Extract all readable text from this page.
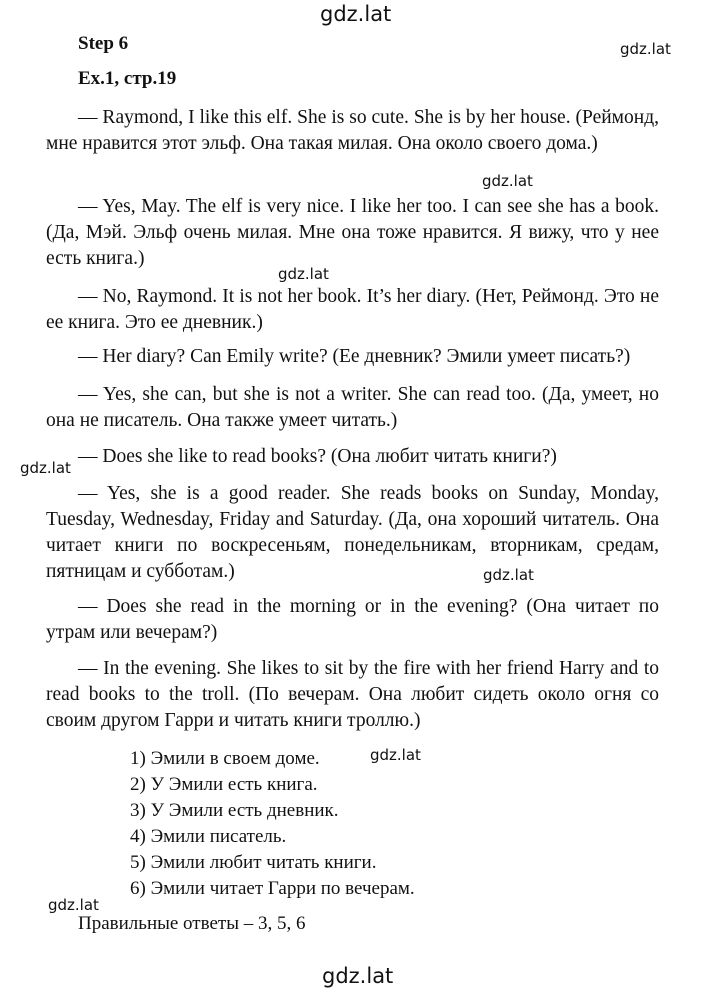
gdz.lat
gdz.lat
gdz.lat
gdz.lat
gdz.lat
gdz.lat
gdz.lat
gdz.lat
gdz.lat
Step 6
Ex.1, стр.19

— Raymond, I like this elf. She is so cute. She is by her house. (Реймонд, мне нравится этот эльф. Она такая милая. Она около своего дома.)

— Yes, May. The elf is very nice. I like her too. I can see she has a book. (Да, Мэй. Эльф очень милая. Мне она тоже нравится. Я вижу, что у нее есть книга.)

— No, Raymond. It is not her book. It’s her diary. (Нет, Реймонд. Это не ее книга. Это ее дневник.)

— Her diary? Can Emily write? (Ее дневник? Эмили умеет писать?)

— Yes, she can, but she is not a writer. She can read too. (Да, умеет, но она не писатель. Она также умеет читать.)

— Does she like to read books? (Она любит читать книги?)

— Yes, she is a good reader. She reads books on Sunday, Monday, Tuesday, Wednesday, Friday and Saturday. (Да, она хороший читатель. Она читает книги по воскресеньям, понедельникам, вторникам, средам, пятницам и субботам.)

— Does she read in the morning or in the evening? (Она читает по утрам или вечерам?)

— In the evening. She likes to sit by the fire with her friend Harry and to read books to the troll. (По вечерам. Она любит сидеть около огня со своим другом Гарри и читать книги троллю.)

1) Эмили в своем доме.
2) У Эмили есть книга.
3) У Эмили есть дневник.
4) Эмили писатель.
5) Эмили любит читать книги.
6) Эмили читает Гарри по вечерам.
Правильные ответы – 3, 5, 6
